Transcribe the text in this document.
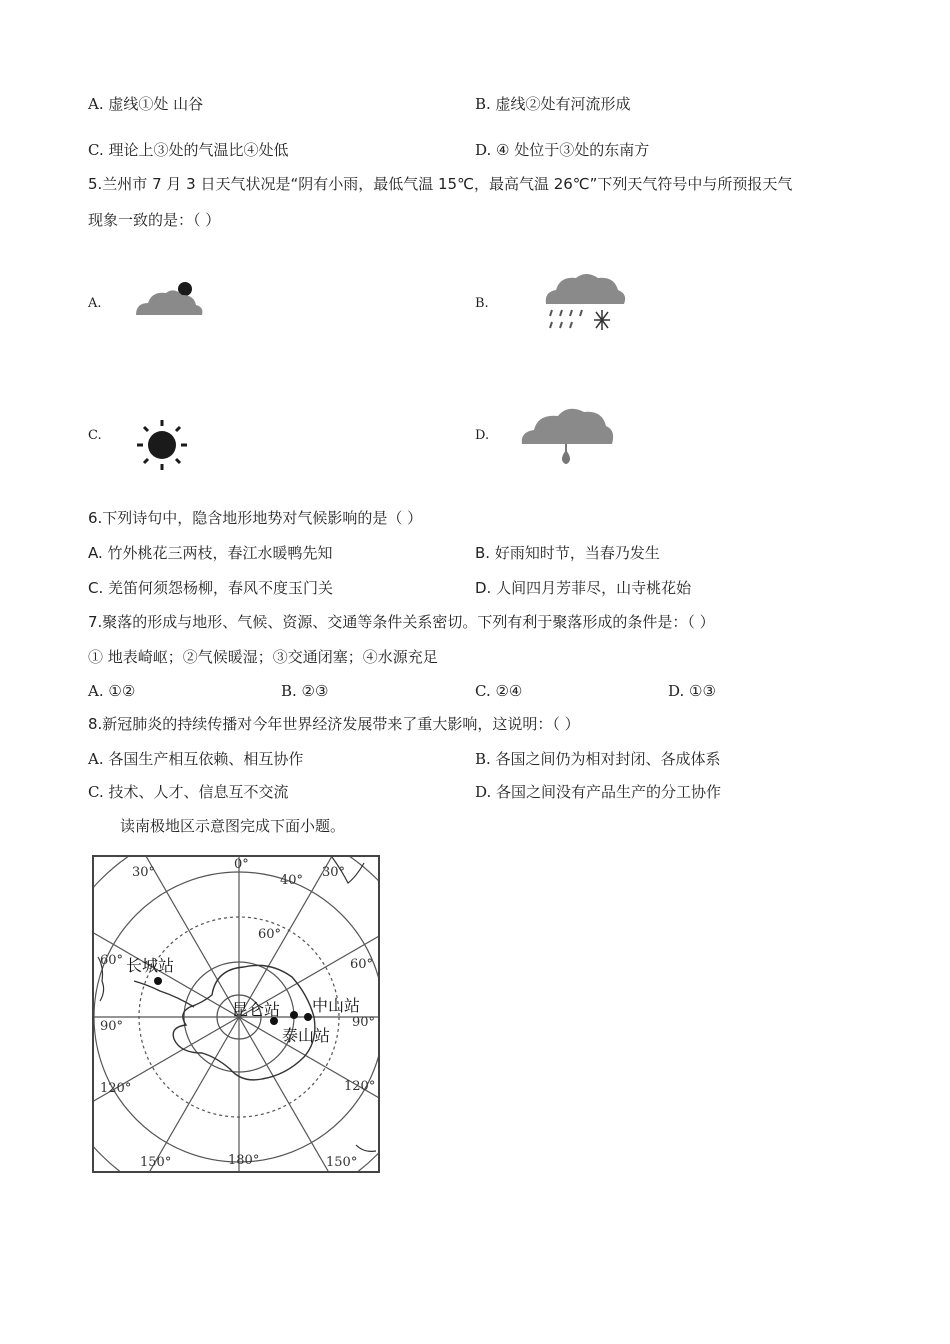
A. 虚线①处 山谷	B. 虚线②处有河流形成
C. 理论上③处的气温比④处低	D. ④ 处位于③处的东南方
5.兰州市 7 月 3 日天气状况是“阴有小雨，最低气温 15℃，最高气温 26℃”下列天气符号中与所预报天气
现象一致的是：（ ）
A.	B.
C.	D.
6.下列诗句中，隐含地形地势对气候影响的是（ ）
A. 竹外桃花三两枝，春江水暖鸭先知	B. 好雨知时节，当春乃发生
C. 羌笛何须怨杨柳，春风不度玉门关	D. 人间四月芳菲尽，山寺桃花始
7.聚落的形成与地形、气候、资源、交通等条件关系密切。下列有利于聚落形成的条件是：（ ）
① 地表崎岖；②气候暖湿；③交通闭塞；④水源充足
A. ①②	B. ②③	C. ②④	D. ①③
8.新冠肺炎的持续传播对今年世界经济发展带来了重大影响，这说明：（ ）
A. 各国生产相互依赖、相互协作	B. 各国之间仍为相对封闭、各成体系
C. 技术、人才、信息互不交流	D. 各国之间没有产品生产的分工协作
读南极地区示意图完成下面小题。
0°
30°
40°
30°
60°
60°	60°
90°	90°
120°	120°
150°	150°
180°
长城站
昆仑站 中山站
泰山站
